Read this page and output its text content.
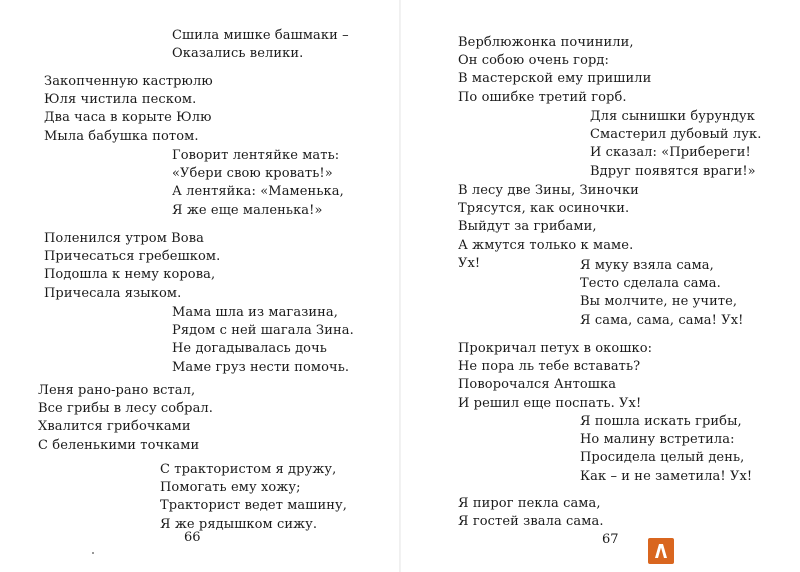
Сшила мишке башмаки –
Оказались велики.
Закопченную кастрюлю
Юля чистила песком.
Два часа в корыте Юлю
Мыла бабушка потом.
Говорит лентяйке мать:
«Убери свою кровать!»
А лентяйка: «Маменька,
Я же еще маленька!»
Поленился утром Вова
Причесаться гребешком.
Подошла к нему корова,
Причесала языком.
Мама шла из магазина,
Рядом с ней шагала Зина.
Не догадывалась дочь
Маме груз нести помочь.
Леня рано-рано встал,
Все грибы в лесу собрал.
Хвалится грибочками
С беленькими точками
С трактористом я дружу,
Помогать ему хожу;
Тракторист ведет машину,
Я же рядышком сижу.
66
Верблюжонка починили,
Он собою очень горд:
В мастерской ему пришили
По ошибке третий горб.
Для сынишки бурундук
Смастерил дубовый лук.
И сказал: «Прибереги!
Вдруг появятся враги!»
В лесу две Зины, Зиночки
Трясутся, как осиночки.
Выйдут за грибами,
А жмутся только к маме.
Ух!	Я муку взяла сама,
Тесто сделала сама.
Вы молчите, не учите,
Я сама, сама, сама! Ух!
Прокричал петух в окошко:
Не пора ль тебе вставать?
Поворочался Антошка
И решил еще поспать. Ух!
Я пошла искать грибы,
Но малину встретила:
Просидела целый день,
Как – и не заметила! Ух!
Я пирог пекла сама,
Я гостей звала сама.
67
